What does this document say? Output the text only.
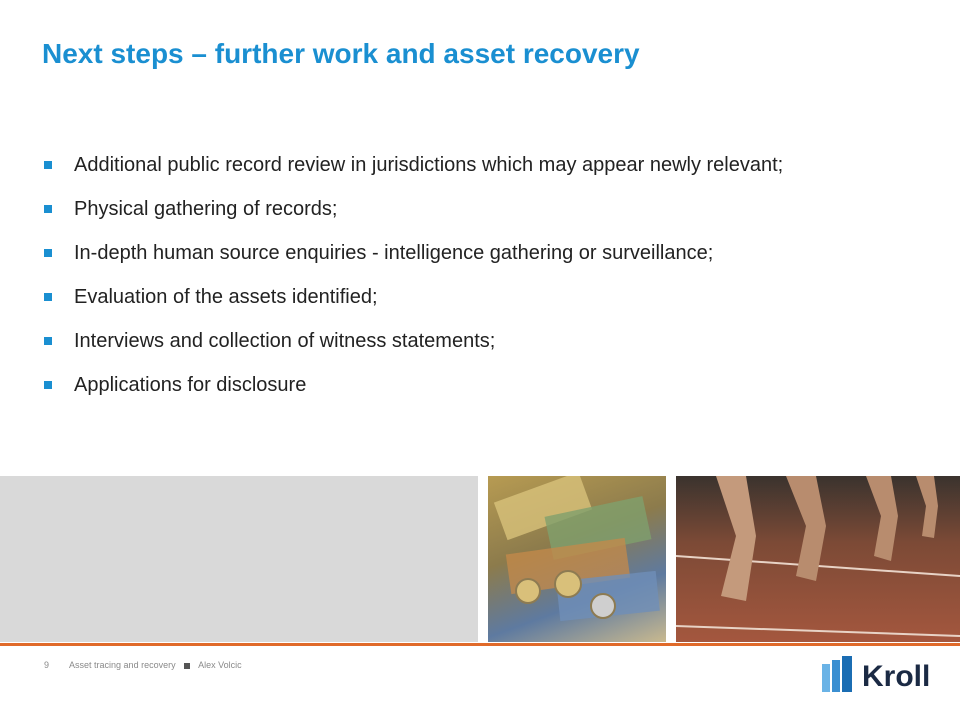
Next steps – further work and asset recovery
Additional public record review in jurisdictions which may appear newly relevant;
Physical gathering of records;
In-depth human source enquiries - intelligence gathering or surveillance;
Evaluation of the assets identified;
Interviews and collection of witness statements;
Applications for disclosure
9 Asset tracing and recovery	Alex Volcic	Kroll
